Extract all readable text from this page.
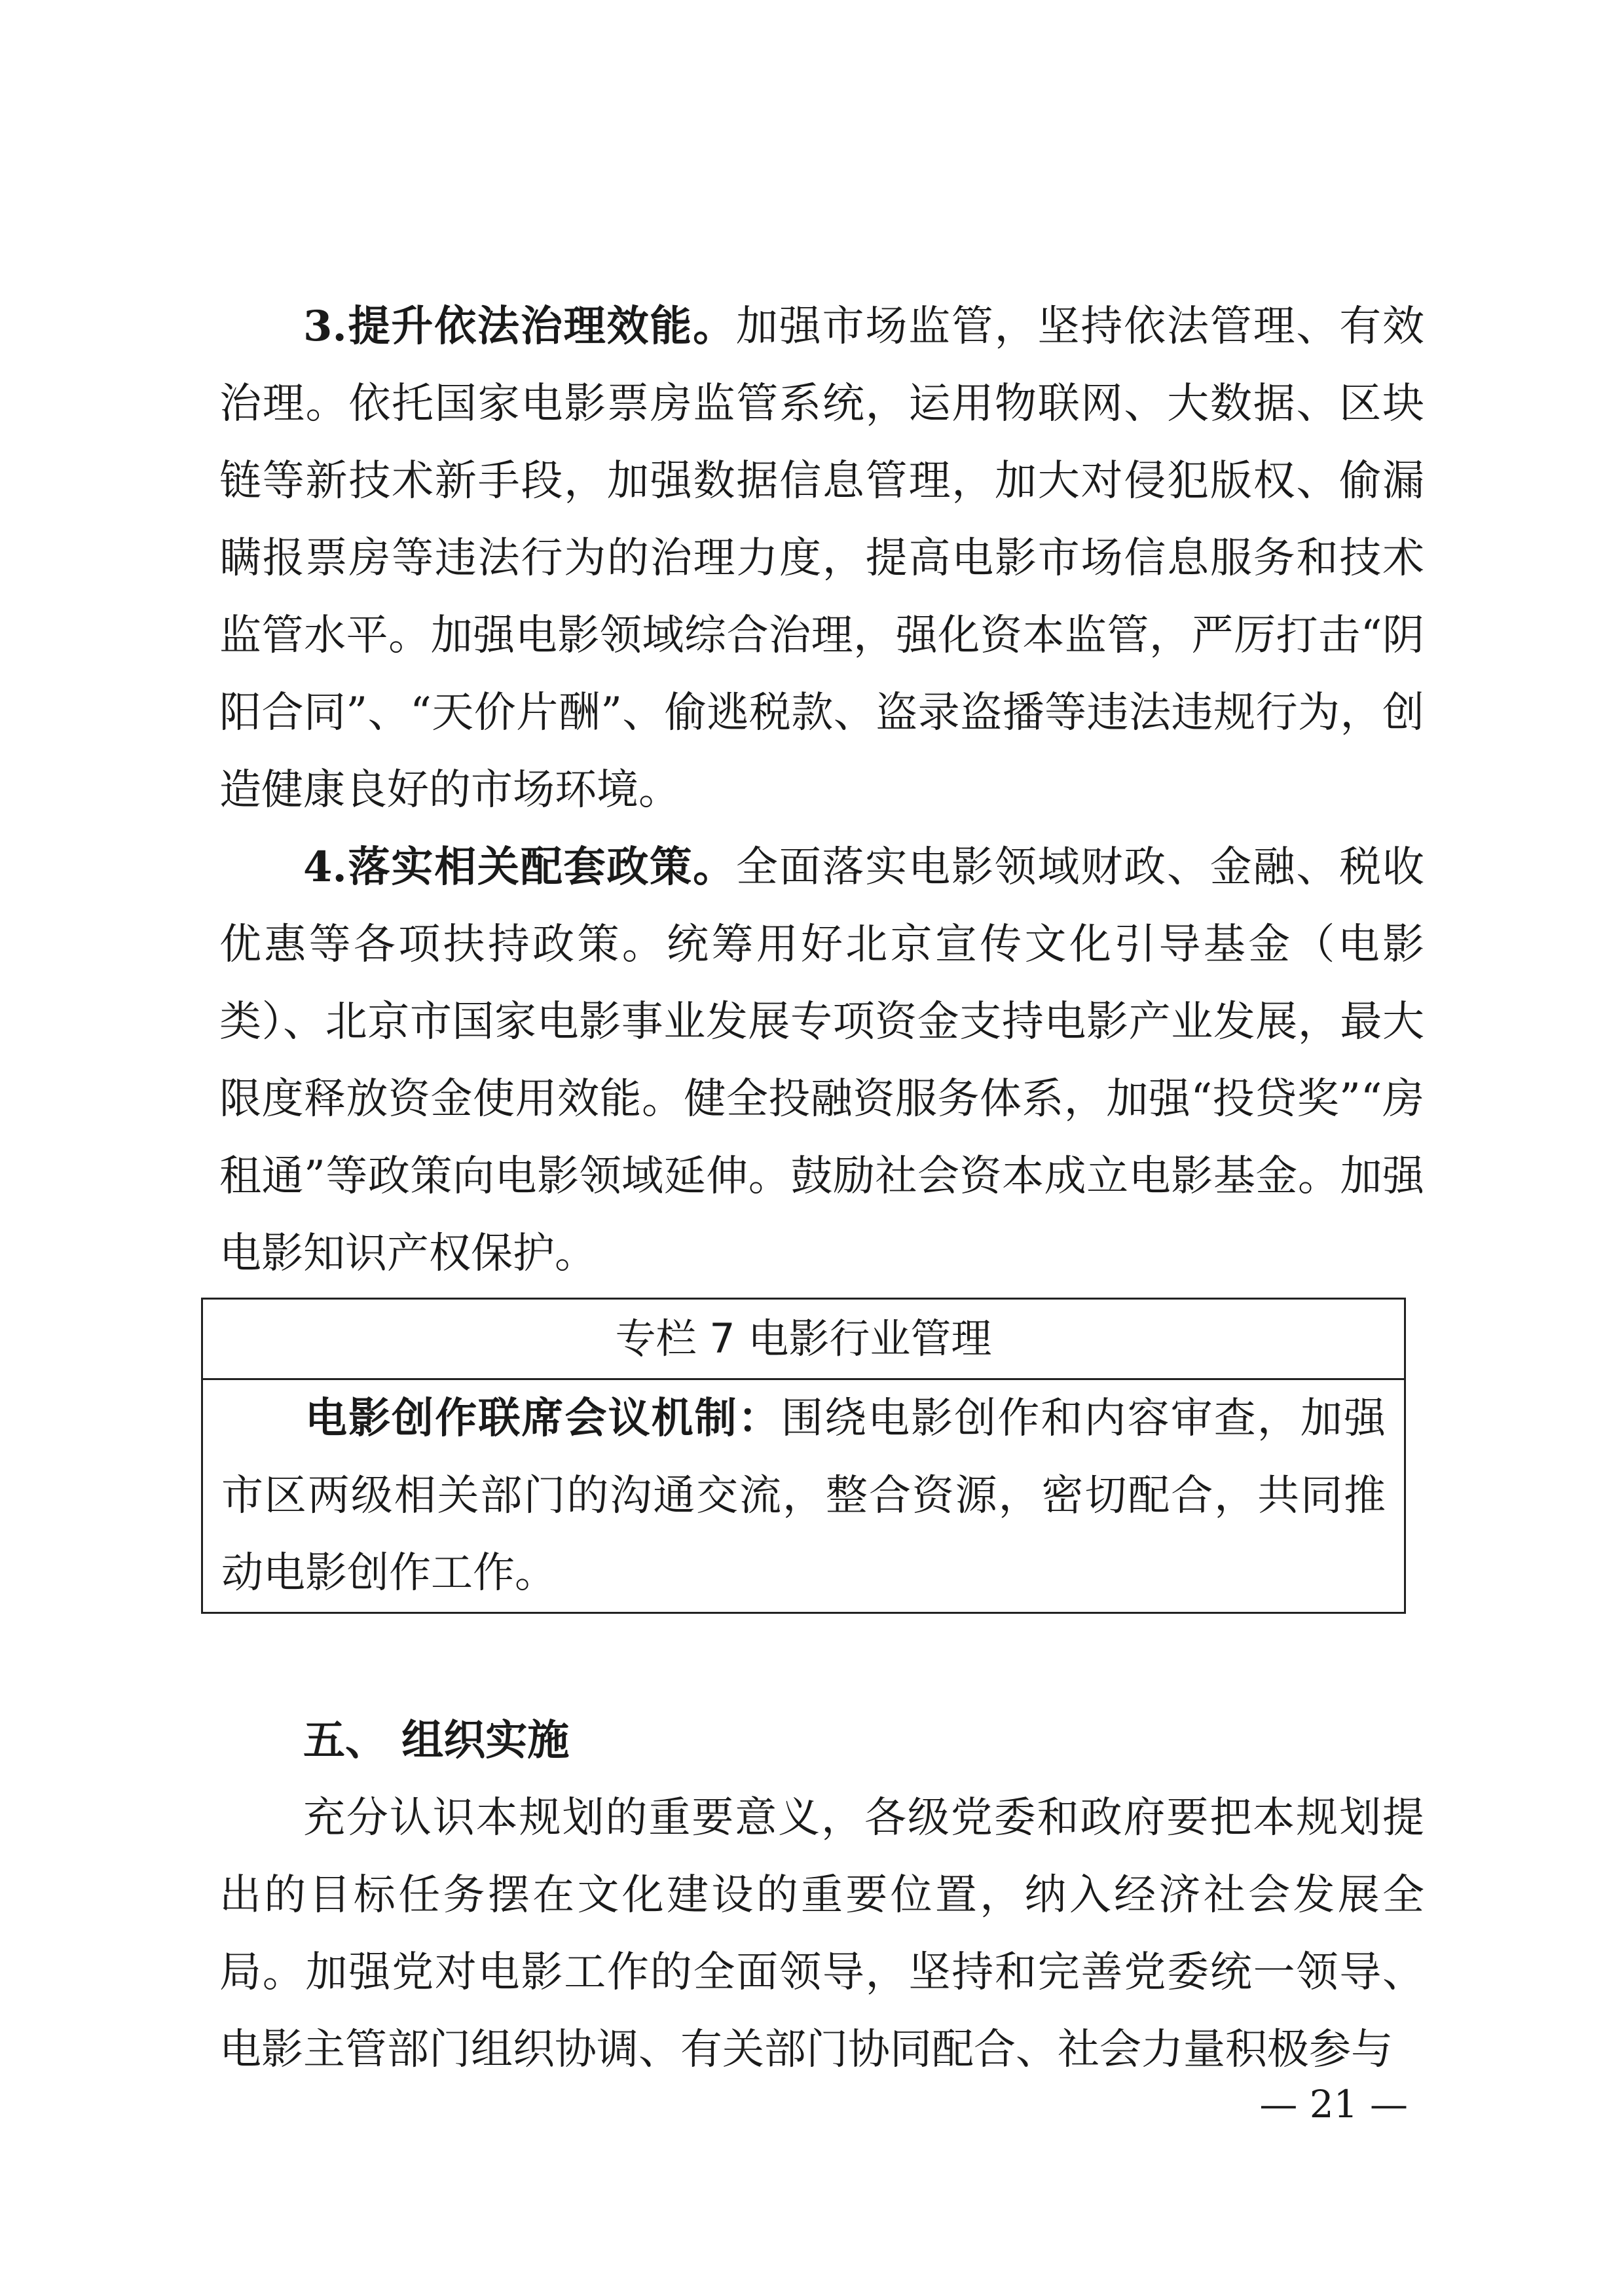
3.提升依法治理效能。加强市场监管，坚持依法管理、有效治理。依托国家电影票房监管系统，运用物联网、大数据、区块链等新技术新手段，加强数据信息管理，加大对侵犯版权、偷漏瞒报票房等违法行为的治理力度，提高电影市场信息服务和技术监管水平。加强电影领域综合治理，强化资本监管，严厉打击“阴阳合同”、“天价片酬”、偷逃税款、盗录盗播等违法违规行为，创造健康良好的市场环境。

4.落实相关配套政策。全面落实电影领域财政、金融、税收优惠等各项扶持政策。统筹用好北京宣传文化引导基金（电影类）、北京市国家电影事业发展专项资金支持电影产业发展，最大限度释放资金使用效能。健全投融资服务体系，加强“投贷奖”“房租通”等政策向电影领域延伸。鼓励社会资本成立电影基金。加强电影知识产权保护。

专栏 7 电影行业管理
电影创作联席会议机制：围绕电影创作和内容审查，加强市区两级相关部门的沟通交流，整合资源，密切配合，共同推动电影创作工作。
五、 组织实施

充分认识本规划的重要意义，各级党委和政府要把本规划提出的目标任务摆在文化建设的重要位置，纳入经济社会发展全局。加强党对电影工作的全面领导，坚持和完善党委统一领导、电影主管部门组织协调、有关部门协同配合、社会力量积极参与

— 21 —
